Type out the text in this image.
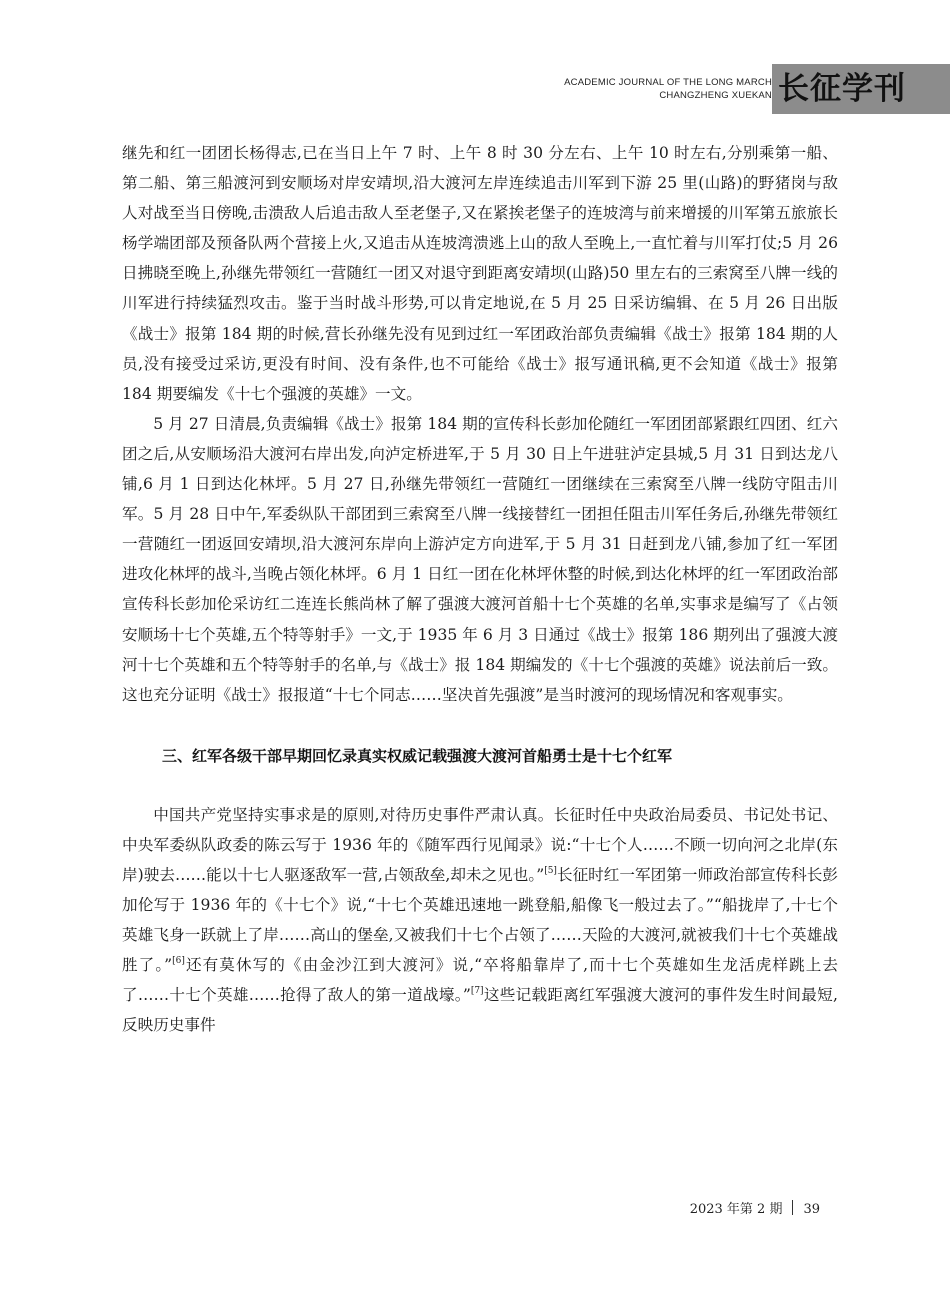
ACADEMIC JOURNAL OF THE LONG MARCH
CHANGZHENG XUEKAN 长征学刊

继先和红一团团长杨得志,已在当日上午 7 时、上午 8 时 30 分左右、上午 10 时左右,分别乘第一船、第二船、第三船渡河到安顺场对岸安靖坝,沿大渡河左岸连续追击川军到下游 25 里(山路)的野猪岗与敌人对战至当日傍晚,击溃敌人后追击敌人至老堡子,又在紧挨老堡子的连坡湾与前来增援的川军第五旅旅长杨学端团部及预备队两个营接上火,又追击从连坡湾溃逃上山的敌人至晚上,一直忙着与川军打仗;5 月 26 日拂晓至晚上,孙继先带领红一营随红一团又对退守到距离安靖坝(山路)50 里左右的三索窝至八牌一线的川军进行持续猛烈攻击。鉴于当时战斗形势,可以肯定地说,在 5 月 25 日采访编辑、在 5 月 26 日出版《战士》报第 184 期的时候,营长孙继先没有见到过红一军团政治部负责编辑《战士》报第 184 期的人员,没有接受过采访,更没有时间、没有条件,也不可能给《战士》报写通讯稿,更不会知道《战士》报第 184 期要编发《十七个强渡的英雄》一文。

5 月 27 日清晨,负责编辑《战士》报第 184 期的宣传科长彭加伦随红一军团团部紧跟红四团、红六团之后,从安顺场沿大渡河右岸出发,向泸定桥进军,于 5 月 30 日上午进驻泸定县城,5 月 31 日到达龙八铺,6 月 1 日到达化林坪。5 月 27 日,孙继先带领红一营随红一团继续在三索窝至八牌一线防守阻击川军。5 月 28 日中午,军委纵队干部团到三索窝至八牌一线接替红一团担任阻击川军任务后,孙继先带领红一营随红一团返回安靖坝,沿大渡河东岸向上游泸定方向进军,于 5 月 31 日赶到龙八铺,参加了红一军团进攻化林坪的战斗,当晚占领化林坪。6 月 1 日红一团在化林坪休整的时候,到达化林坪的红一军团政治部宣传科长彭加伦采访红二连连长熊尚林了解了强渡大渡河首船十七个英雄的名单,实事求是编写了《占领安顺场十七个英雄,五个特等射手》一文,于 1935 年 6 月 3 日通过《战士》报第 186 期列出了强渡大渡河十七个英雄和五个特等射手的名单,与《战士》报 184 期编发的《十七个强渡的英雄》说法前后一致。这也充分证明《战士》报报道“十七个同志……坚决首先强渡”是当时渡河的现场情况和客观事实。

三、红军各级干部早期回忆录真实权威记载强渡大渡河首船勇士是十七个红军

中国共产党坚持实事求是的原则,对待历史事件严肃认真。长征时任中央政治局委员、书记处书记、中央军委纵队政委的陈云写于 1936 年的《随军西行见闻录》说:“十七个人……不顾一切向河之北岸(东岸)驶去……能以十七人驱逐敌军一营,占领敌垒,却未之见也。”[5]长征时红一军团第一师政治部宣传科长彭加伦写于 1936 年的《十七个》说,“十七个英雄迅速地一跳登船,船像飞一般过去了。”“船拢岸了,十七个英雄飞身一跃就上了岸……高山的堡垒,又被我们十七个占领了……天险的大渡河,就被我们十七个英雄战胜了。”[6]还有莫休写的《由金沙江到大渡河》说,“卒将船靠岸了,而十七个英雄如生龙活虎样跳上去了……十七个英雄……抢得了敌人的第一道战壕。”[7]这些记载距离红军强渡大渡河的事件发生时间最短,反映历史事件

2023 年第 2 期 39
